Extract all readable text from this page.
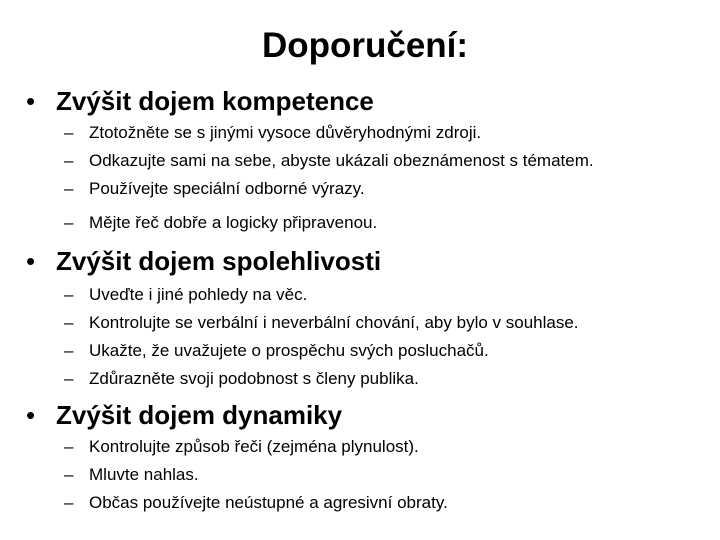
Doporučení:
• Zvýšit dojem kompetence
– Ztotožněte se s jinými vysoce důvěryhodnými zdroji.
– Odkazujte sami na sebe, abyste ukázali obeznámenost s tématem.
– Používejte speciální odborné výrazy.
– Mějte řeč dobře a logicky připravenou.
• Zvýšit dojem spolehlivosti
– Uveďte i jiné pohledy na věc.
– Kontrolujte se verbální i neverbální chování, aby bylo v souhlase.
– Ukažte, že uvažujete o prospěchu svých posluchačů.
– Zdůrazněte svoji podobnost s členy publika.
• Zvýšit dojem dynamiky
– Kontrolujte způsob řeči (zejména plynulost).
– Mluvte nahlas.
– Občas používejte neústupné a agresivní obraty.
